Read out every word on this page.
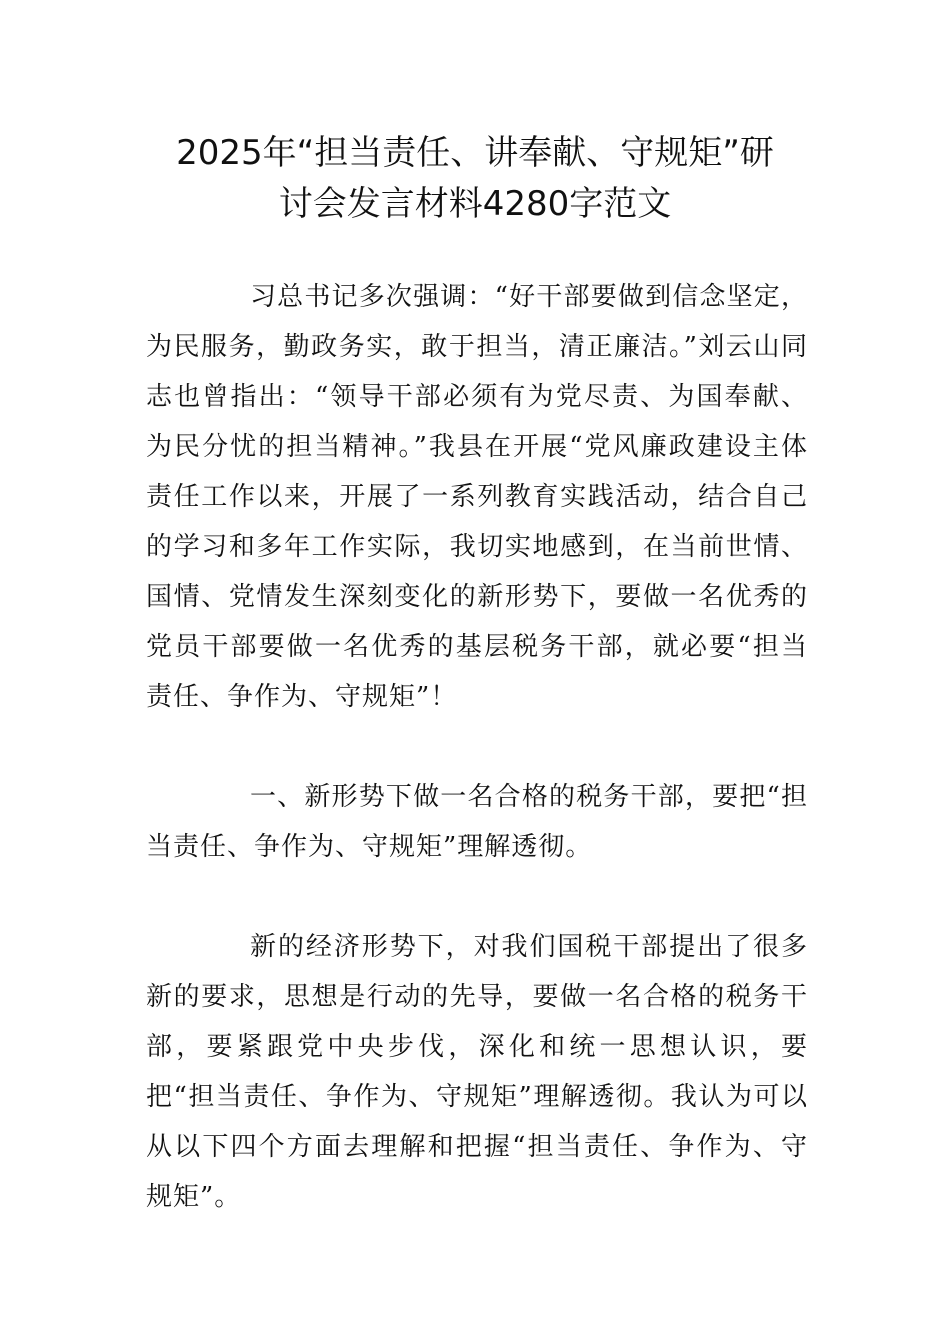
2025年“担当责任、讲奉献、守规矩”研
讨会发言材料4280字范文

习总书记多次强调：“好干部要做到信念坚定，为民服务，勤政务实，敢于担当，清正廉洁。”刘云山同志也曾指出：“领导干部必须有为党尽责、为国奉献、为民分忧的担当精神。”我县在开展“党风廉政建设主体责任工作以来，开展了一系列教育实践活动，结合自己的学习和多年工作实际，我切实地感到，在当前世情、国情、党情发生深刻变化的新形势下，要做一名优秀的党员干部要做一名优秀的基层税务干部，就必要“担当责任、争作为、守规矩”！

一、新形势下做一名合格的税务干部，要把“担当责任、争作为、守规矩”理解透彻。

新的经济形势下，对我们国税干部提出了很多新的要求，思想是行动的先导，要做一名合格的税务干部，要紧跟党中央步伐，深化和统一思想认识，要把“担当责任、争作为、守规矩”理解透彻。我认为可以从以下四个方面去理解和把握“担当责任、争作为、守规矩”。
